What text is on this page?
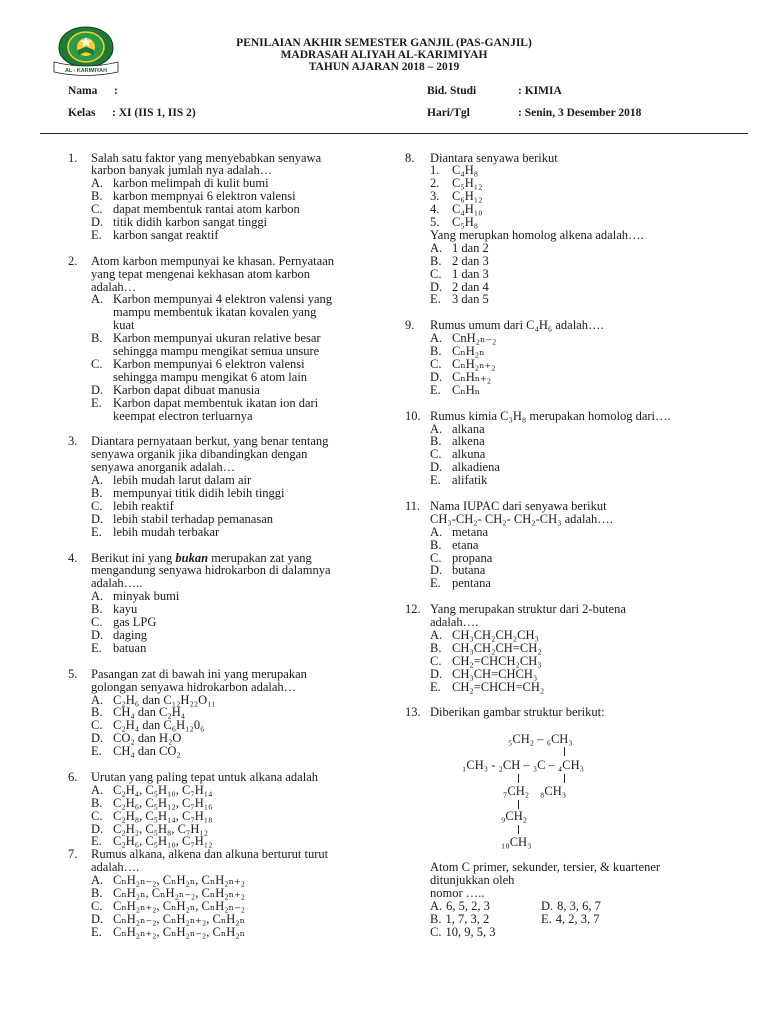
AL - KARIMIYAH
PENILAIAN AKHIR SEMESTER GANJIL (PAS-GANJIL)
MADRASAH ALIYAH AL-KARIMIYAH
TAHUN AJARAN 2018 – 2019
Nama :
Kelas : XI (IIS 1, IIS 2)
Bid. Studi	: KIMIA
Hari/Tgl	: Senin, 3 Desember 2018
1.	Salah satu faktor yang menyebabkan senyawa
karbon banyak jumlah nya adalah…
A. karbon melimpah di kulit bumi
B. karbon mempnyai 6 elektron valensi
C. dapat membentuk rantai atom karbon
D. titik didih karbon sangat tinggi
E. karbon sangat reaktif
2.	Atom karbon mempunyai ke khasan. Pernyataan
yang tepat mengenai kekhasan atom karbon
adalah…
A. Karbon mempunyai 4 elektron valensi yang
mampu membentuk ikatan kovalen yang
kuat
B. Karbon mempunyai ukuran relative besar
sehingga mampu mengikat semua unsure
C. Karbon mempunyai 6 elektron valensi
sehingga mampu mengikat 6 atom lain
D. Karbon dapat dibuat manusia
E. Karbon dapat membentuk ikatan ion dari
keempat electron terluarnya
3.	Diantara pernyataan berkut, yang benar tentang
senyawa organik jika dibandingkan dengan
senyawa anorganik adalah…
A. lebih mudah larut dalam air
B. mempunyai titik didih lebih tinggi
C. lebih reaktif
D. lebih stabil terhadap pemanasan
E. lebih mudah terbakar
4.	Berikut ini yang bukan merupakan zat yang
mengandung senyawa hidrokarbon di dalamnya
adalah…..
A. minyak bumi
B. kayu
C. gas LPG
D. daging
E. batuan
5.	Pasangan zat di bawah ini yang merupakan
golongan senyawa hidrokarbon adalah…
A. C₂H₆ dan C₁₂H₂₂O₁₁
B. CH₄ dan C₂H₄
C. C₂H₄ dan C₆H₁₂0₆
D. CO₂ dan H₂O
E. CH₄ dan CO₂
6.	Urutan yang paling tepat untuk alkana adalah
A. C₂H₄, C₅H₁₀, C₇H₁₄
B. C₂H₆, C₅H₁₂, C₇H₁₆
C. C₂H₈, C₅H₁₄, C₇H₁₈
D. C₂H₂, C₅H₈, C₇H₁₂
E. C₂H₆, C₅H₁₀, C₇H₁₂
7.	Rumus alkana, alkena dan alkuna berturut turut
adalah….
A. CₙH₂ₙ₋₂, CₙH₂ₙ, CₙH₂ₙ₊₂
B. CₙH₂ₙ, CₙH₂ₙ₋₂, CₙH₂ₙ₊₂
C. CₙH₂ₙ₊₂, CₙH₂ₙ, CₙH₂ₙ₋₂
D. CₙH₂ₙ₋₂, CₙH₂ₙ₊₂, CₙH₂ₙ
E. CₙH₂ₙ₊₂, CₙH₂ₙ₋₂, CₙH₂ₙ
8.	Diantara senyawa berikut
1.	C₄H₈
2.	C₅H₁₂
3.	C₆H₁₂
4.	C₄H₁₀
5.	C₅H₈
Yang merupkan homolog alkena adalah….
A. 1 dan 2
B. 2 dan 3
C. 1 dan 3
D. 2 dan 4
E. 3 dan 5
9.	Rumus umum dari C₄H₆ adalah….
A. CnH₂ₙ₋₂
B. CₙH₂ₙ
C. CₙH₂ₙ₊₂
D. CₙHₙ₊₂
E. CₙHₙ
10. Rumus kimia C₃H₈ merupakan homolog dari….
A. alkana
B. alkena
C. alkuna
D. alkadiena
E. alifatik
11. Nama IUPAC dari senyawa berikut
CH₃-CH₂- CH₂- CH₂-CH₃ adalah….
A. metana
B. etana
C. propana
D. butana
E. pentana
12. Yang merupakan struktur dari 2-butena
adalah….
A. CH₃CH₂CH₂CH₃
B. CH₃CH₂CH=CH₂
C. CH₂=CHCH₂CH₃
D. CH₃CH=CHCH₃
E. CH₂=CHCH=CH₂
13. Diberikan gambar struktur berikut:
₅CH₂ – ₆CH₃
₁CH₃ - ₂CH – ₃C – ₄CH₃
₇CH₂ ₈CH₃
₉CH₂
₁₀CH₃
Atom C primer, sekunder, tersier, & kuartener
ditunjukkan oleh
nomor …..
A. 6, 5, 2, 3	D. 8, 3, 6, 7
B. 1, 7, 3, 2	E. 4, 2, 3, 7
C. 10, 9, 5, 3
